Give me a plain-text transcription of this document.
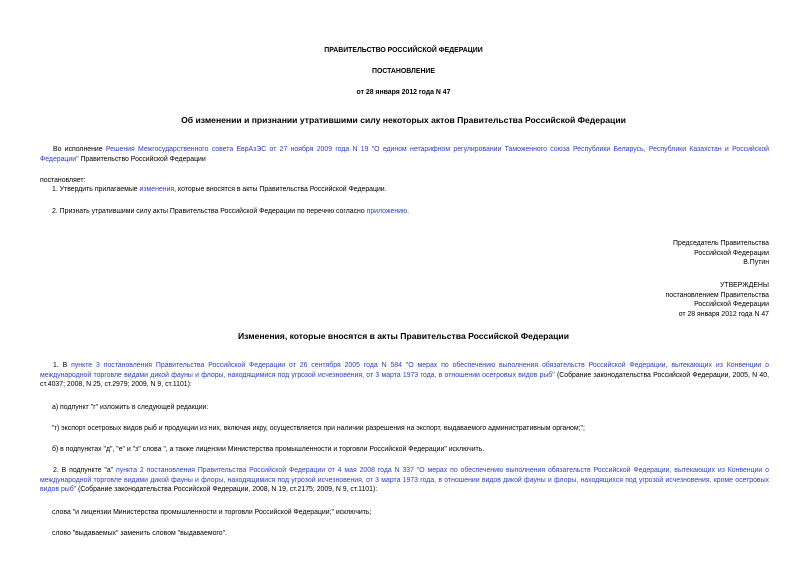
ПРАВИТЕЛЬСТВО РОССИЙСКОЙ ФЕДЕРАЦИИ
ПОСТАНОВЛЕНИЕ
от 28 января 2012 года N 47
Об изменении и признании утратившими силу некоторых актов Правительства Российской Федерации
Во исполнение Решения Межгосударственного совета ЕврАзЭС от 27 ноября 2009 года N 19 "О едином нетарифном регулировании Таможенного союза Республики Беларусь, Республики Казахстан и Российской Федерации" Правительство Российской Федерации
постановляет:
1. Утвердить прилагаемые изменения, которые вносятся в акты Правительства Российской Федерации.
2. Признать утратившими силу акты Правительства Российской Федерации по перечню согласно приложению.
Председатель Правительства
Российской Федерации
В.Путин
УТВЕРЖДЕНЫ
постановлением Правительства
Российской Федерации
от 28 января 2012 года N 47
Изменения, которые вносятся в акты Правительства Российской Федерации
1. В пункте 3 постановления Правительства Российской Федерации от 26 сентября 2005 года N 584 "О мерах по обеспечению выполнения обязательств Российской Федерации, вытекающих из Конвенции о международной торговле видами дикой фауны и флоры, находящимися под угрозой исчезновения, от 3 марта 1973 года, в отношении осетровых видов рыб" (Собрание законодательства Российской Федерации, 2005, N 40, ст.4037; 2008, N 25, ст.2979; 2009, N 9, ст.1101):
а) подпункт "г" изложить в следующей редакции:
"г) экспорт осетровых видов рыб и продукции из них, включая икру, осуществляется при наличии разрешения на экспорт, выдаваемого административным органом;";
б) в подпунктах "д", "е" и "з" слова ", а также лицензии Министерства промышленности и торговли Российской Федерации" исключить.
2. В подпункте "а" пункта 2 постановления Правительства Российской Федерации от 4 мая 2008 года N 337 "О мерах по обеспечению выполнения обязательств Российской Федерации, вытекающих из Конвенции о международной торговле видами дикой фауны и флоры, находящимися под угрозой исчезновения, от 3 марта 1973 года, в отношении видов дикой фауны и флоры, находящихся под угрозой исчезновения, кроме осетровых видов рыб" (Собрание законодательства Российской Федерации, 2008, N 19, ст.2175; 2009, N 9, ст.1101):
слова "и лицензии Министерства промышленности и торговли Российской Федерации;" исключить;
слово "выдаваемых" заменить словом "выдаваемого".
